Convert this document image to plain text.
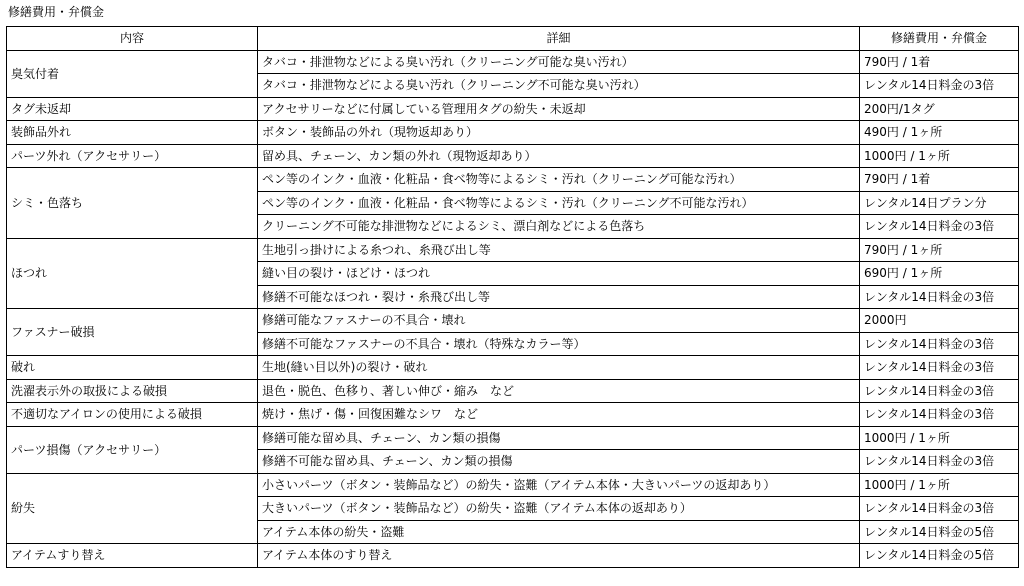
修繕費用・弁償金
内容	詳細	修繕費用・弁償金
臭気付着	タバコ・排泄物などによる臭い汚れ（クリーニング可能な臭い汚れ）	790円 / 1着
	タバコ・排泄物などによる臭い汚れ（クリーニング不可能な臭い汚れ）	レンタル14日料金の3倍
タグ未返却	アクセサリーなどに付属している管理用タグの紛失・未返却	200円/1タグ
装飾品外れ	ボタン・装飾品の外れ（現物返却あり）	490円 / 1ヶ所
パーツ外れ（アクセサリー）	留め具、チェーン、カン類の外れ（現物返却あり）	1000円 / 1ヶ所
シミ・色落ち	ペン等のインク・血液・化粧品・食べ物等によるシミ・汚れ（クリーニング可能な汚れ）	790円 / 1着
	ペン等のインク・血液・化粧品・食べ物等によるシミ・汚れ（クリーニング不可能な汚れ）	レンタル14日プラン分
	クリーニング不可能な排泄物などによるシミ、漂白剤などによる色落ち	レンタル14日料金の3倍
ほつれ	生地引っ掛けによる糸つれ、糸飛び出し等	790円 / 1ヶ所
	縫い目の裂け・ほどけ・ほつれ	690円 / 1ヶ所
	修繕不可能なほつれ・裂け・糸飛び出し等	レンタル14日料金の3倍
ファスナー破損	修繕可能なファスナーの不具合・壊れ	2000円
	修繕不可能なファスナーの不具合・壊れ（特殊なカラー等）	レンタル14日料金の3倍
破れ	生地(縫い目以外)の裂け・破れ	レンタル14日料金の3倍
洗濯表示外の取扱による破損	退色・脱色、色移り、著しい伸び・縮み　など	レンタル14日料金の3倍
不適切なアイロンの使用による破損	焼け・焦げ・傷・回復困難なシワ　など	レンタル14日料金の3倍
パーツ損傷（アクセサリー）	修繕可能な留め具、チェーン、カン類の損傷	1000円 / 1ヶ所
	修繕不可能な留め具、チェーン、カン類の損傷	レンタル14日料金の3倍
紛失	小さいパーツ（ボタン・装飾品など）の紛失・盗難（アイテム本体・大きいパーツの返却あり）	1000円 / 1ヶ所
	大きいパーツ（ボタン・装飾品など）の紛失・盗難（アイテム本体の返却あり）	レンタル14日料金の3倍
	アイテム本体の紛失・盗難	レンタル14日料金の5倍
アイテムすり替え	アイテム本体のすり替え	レンタル14日料金の5倍
